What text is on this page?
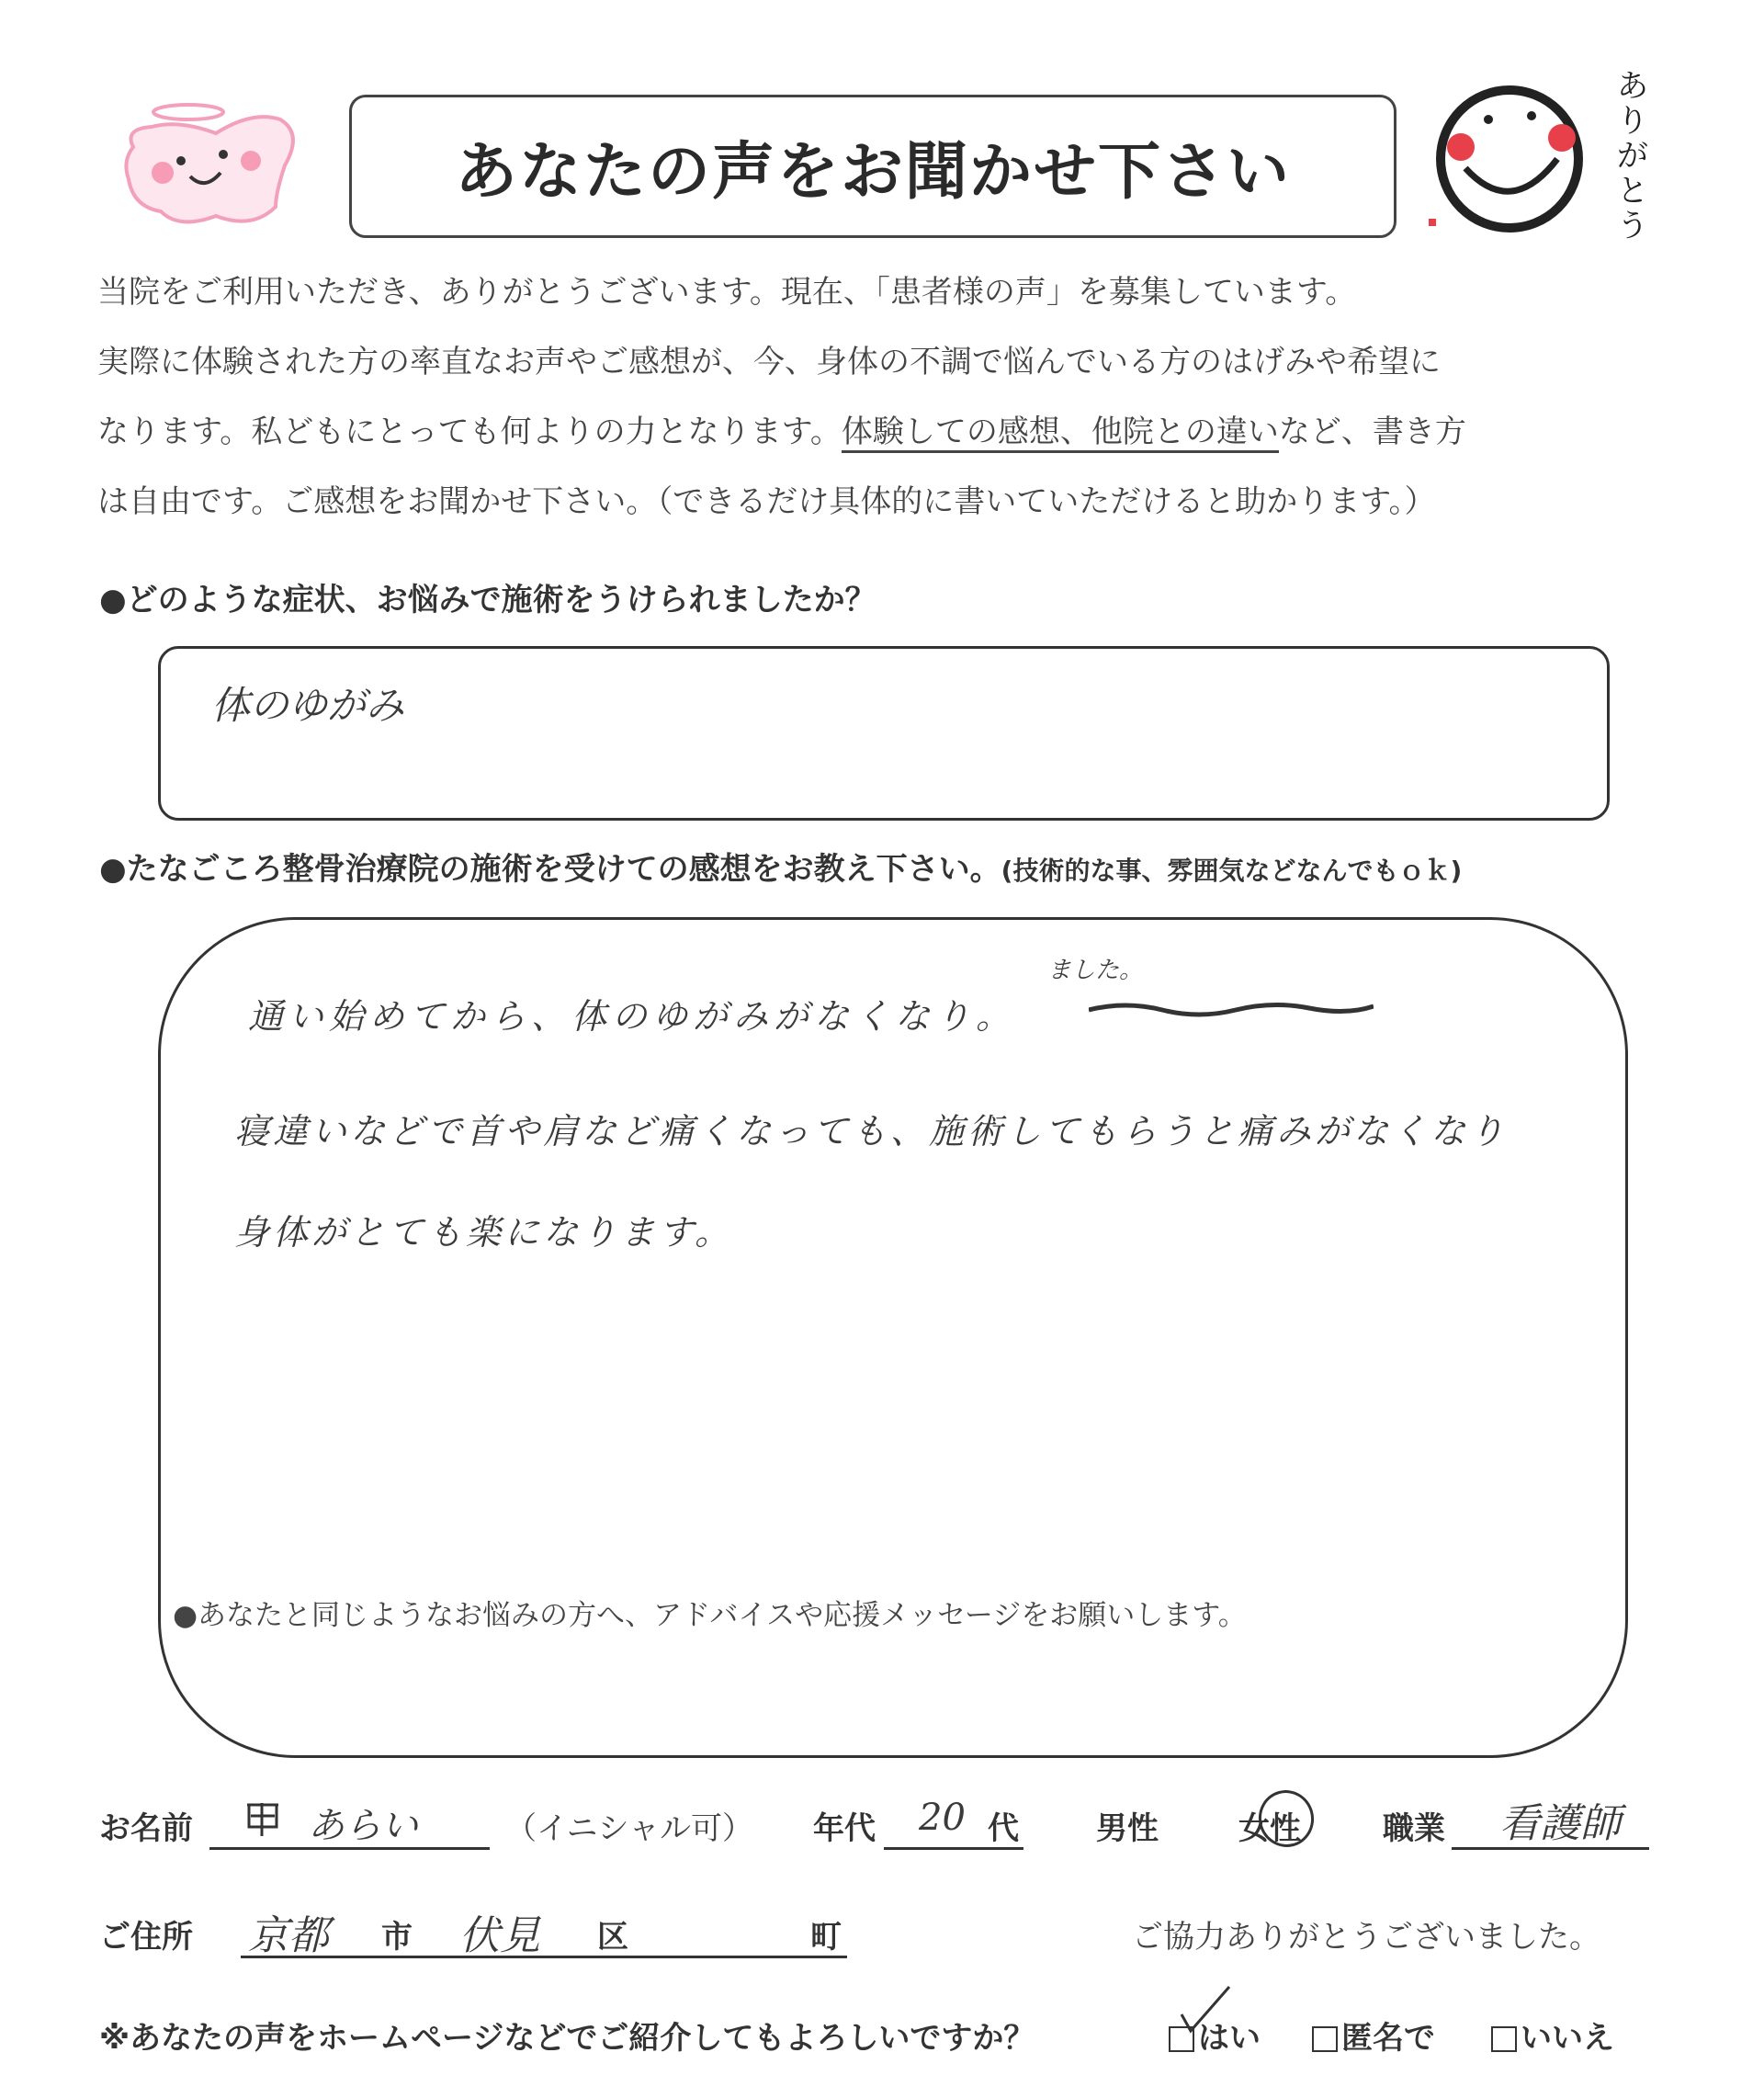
あなたの声をお聞かせ下さい
ありがとう

当院をご利用いただき、ありがとうございます。現在、「患者様の声」を募集しています。

実際に体験された方の率直なお声やご感想が、今、身体の不調で悩んでいる方のはげみや希望に

なります。私どもにとっても何よりの力となります。体験しての感想、他院との違いなど、書き方

は自由です。ご感想をお聞かせ下さい。（できるだけ具体的に書いていただけると助かります。）

●どのような症状、お悩みで施術をうけられましたか？
体のゆがみ
●たなごころ整骨治療院の施術を受けての感想をお教え下さい。(技術的な事、雰囲気などなんでもｏｋ)
ました。
通い始めてから、体のゆがみがなくなり。
寝違いなどで首や肩など痛くなっても、施術してもらうと痛みがなくなり
身体がとても楽になります。
●あなたと同じようなお悩みの方へ、アドバイスや応援メッセージをお願いします。
お名前	あらい	（イニシャル可） 年代 20 代 男性	女性	職業 看護師
ご住所 京都 市 伏見 区	町	ご協力ありがとうございました。
※あなたの声をホームページなどでご紹介してもよろしいですか？	はい	匿名で	いいえ
